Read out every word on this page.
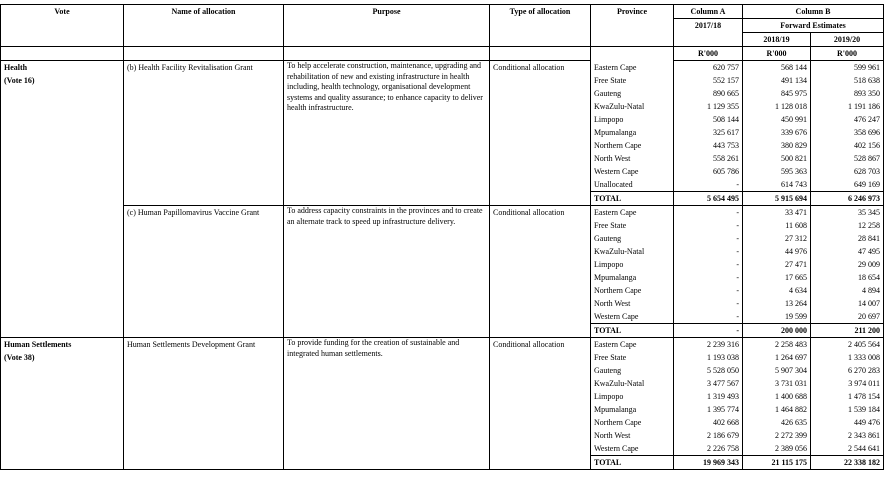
Vote	Name of allocation	Purpose	Type of allocation	Province	Column A	Column B	
					2017/18	Forward Estimates	
						2018/19	2019/20
					R'000	R'000	R'000
Health
(Vote 16)	(b) Health Facility Revitalisation Grant	To help accelerate construction, maintenance, upgrading and rehabilitation of new and existing infrastructure in health including, health technology, organisational development systems and quality assurance; to enhance capacity to deliver health infrastructure.	Conditional allocation	Eastern Cape	620 757	568 144	599 961
				Free State	552 157	491 134	518 638
				Gauteng	890 665	845 975	893 350
				KwaZulu-Natal	1 129 355	1 128 018	1 191 186
				Limpopo	508 144	450 991	476 247
				Mpumalanga	325 617	339 676	358 696
				Northern Cape	443 753	380 829	402 156
				North West	558 261	500 821	528 867
				Western Cape	605 786	595 363	628 703
				Unallocated	-	614 743	649 169
				TOTAL	5 654 495	5 915 694	6 246 973
	(c) Human Papillomavirus Vaccine Grant	To address capacity constraints in the provinces and to create an alternate track to speed up infrastructure delivery.	Conditional allocation	Eastern Cape	-	33 471	35 345
				Free State	-	11 608	12 258
				Gauteng	-	27 312	28 841
				KwaZulu-Natal	-	44 976	47 495
				Limpopo	-	27 471	29 009
				Mpumalanga	-	17 665	18 654
				Northern Cape	-	4 634	4 894
				North West	-	13 264	14 007
				Western Cape	-	19 599	20 697
				TOTAL	-	200 000	211 200
Human Settlements
(Vote 38)	Human Settlements Development Grant	To provide funding for the creation of sustainable and integrated human settlements.	Conditional allocation	Eastern Cape	2 239 316	2 258 483	2 405 564
				Free State	1 193 038	1 264 697	1 333 008
				Gauteng	5 528 050	5 907 304	6 270 283
				KwaZulu-Natal	3 477 567	3 731 031	3 974 011
				Limpopo	1 319 493	1 400 688	1 478 154
				Mpumalanga	1 395 774	1 464 882	1 539 184
				Northern Cape	402 668	426 635	449 476
				North West	2 186 679	2 272 399	2 343 861
				Western Cape	2 226 758	2 389 056	2 544 641
				TOTAL	19 969 343	21 115 175	22 338 182
